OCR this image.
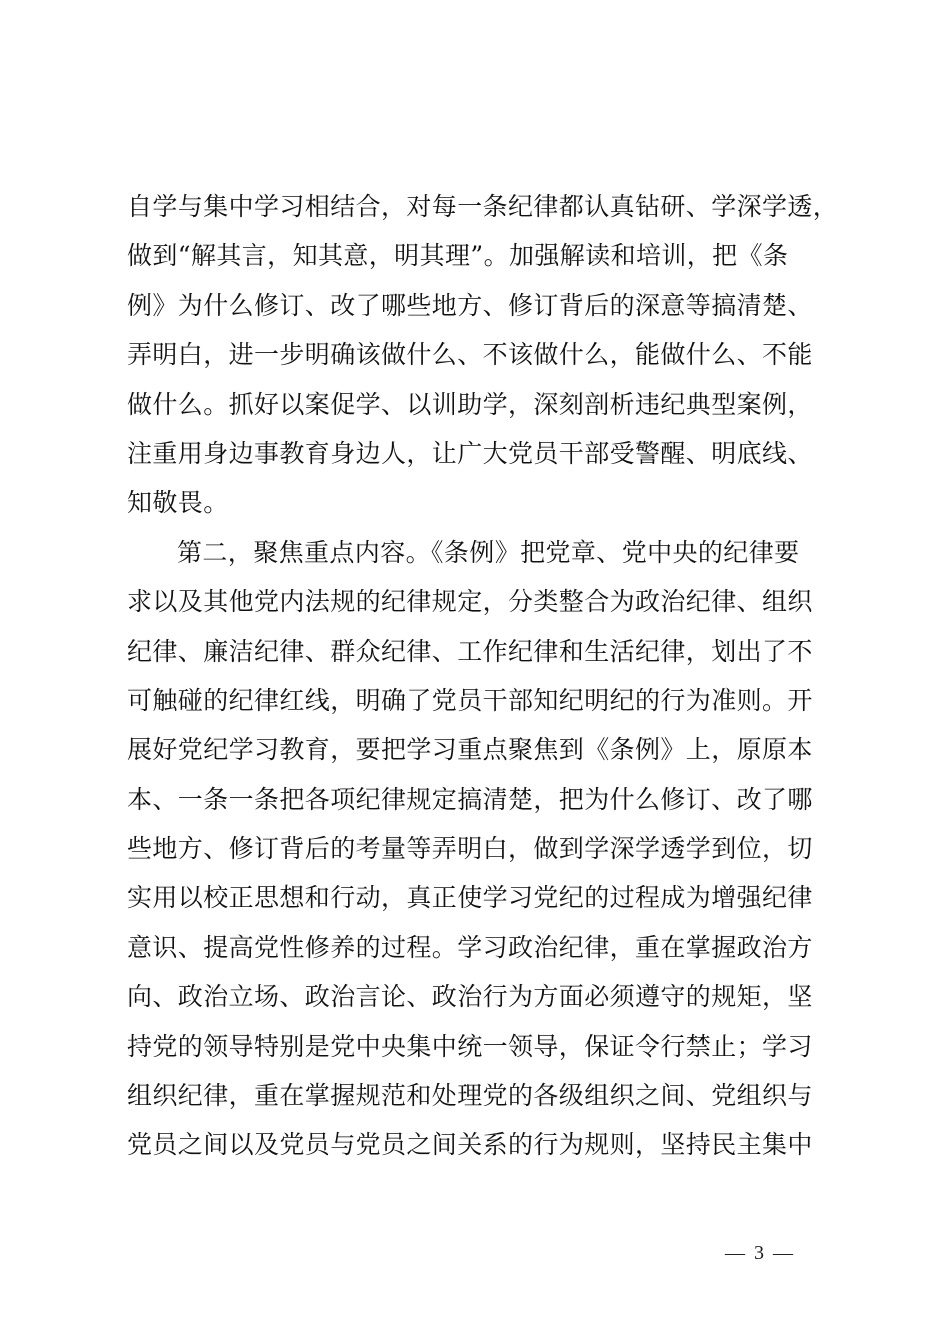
自学与集中学习相结合，对每一条纪律都认真钻研、学深学透，
做到“解其言，知其意，明其理”。加强解读和培训，把《条
例》为什么修订、改了哪些地方、修订背后的深意等搞清楚、
弄明白，进一步明确该做什么、不该做什么，能做什么、不能
做什么。抓好以案促学、以训助学，深刻剖析违纪典型案例，
注重用身边事教育身边人，让广大党员干部受警醒、明底线、
知敬畏。
第二，聚焦重点内容。《条例》把党章、党中央的纪律要
求以及其他党内法规的纪律规定，分类整合为政治纪律、组织
纪律、廉洁纪律、群众纪律、工作纪律和生活纪律，划出了不
可触碰的纪律红线，明确了党员干部知纪明纪的行为准则。开
展好党纪学习教育，要把学习重点聚焦到《条例》上，原原本
本、一条一条把各项纪律规定搞清楚，把为什么修订、改了哪
些地方、修订背后的考量等弄明白，做到学深学透学到位，切
实用以校正思想和行动，真正使学习党纪的过程成为增强纪律
意识、提高党性修养的过程。学习政治纪律，重在掌握政治方
向、政治立场、政治言论、政治行为方面必须遵守的规矩，坚
持党的领导特别是党中央集中统一领导，保证令行禁止；学习
组织纪律，重在掌握规范和处理党的各级组织之间、党组织与
党员之间以及党员与党员之间关系的行为规则，坚持民主集中
— 3 —
